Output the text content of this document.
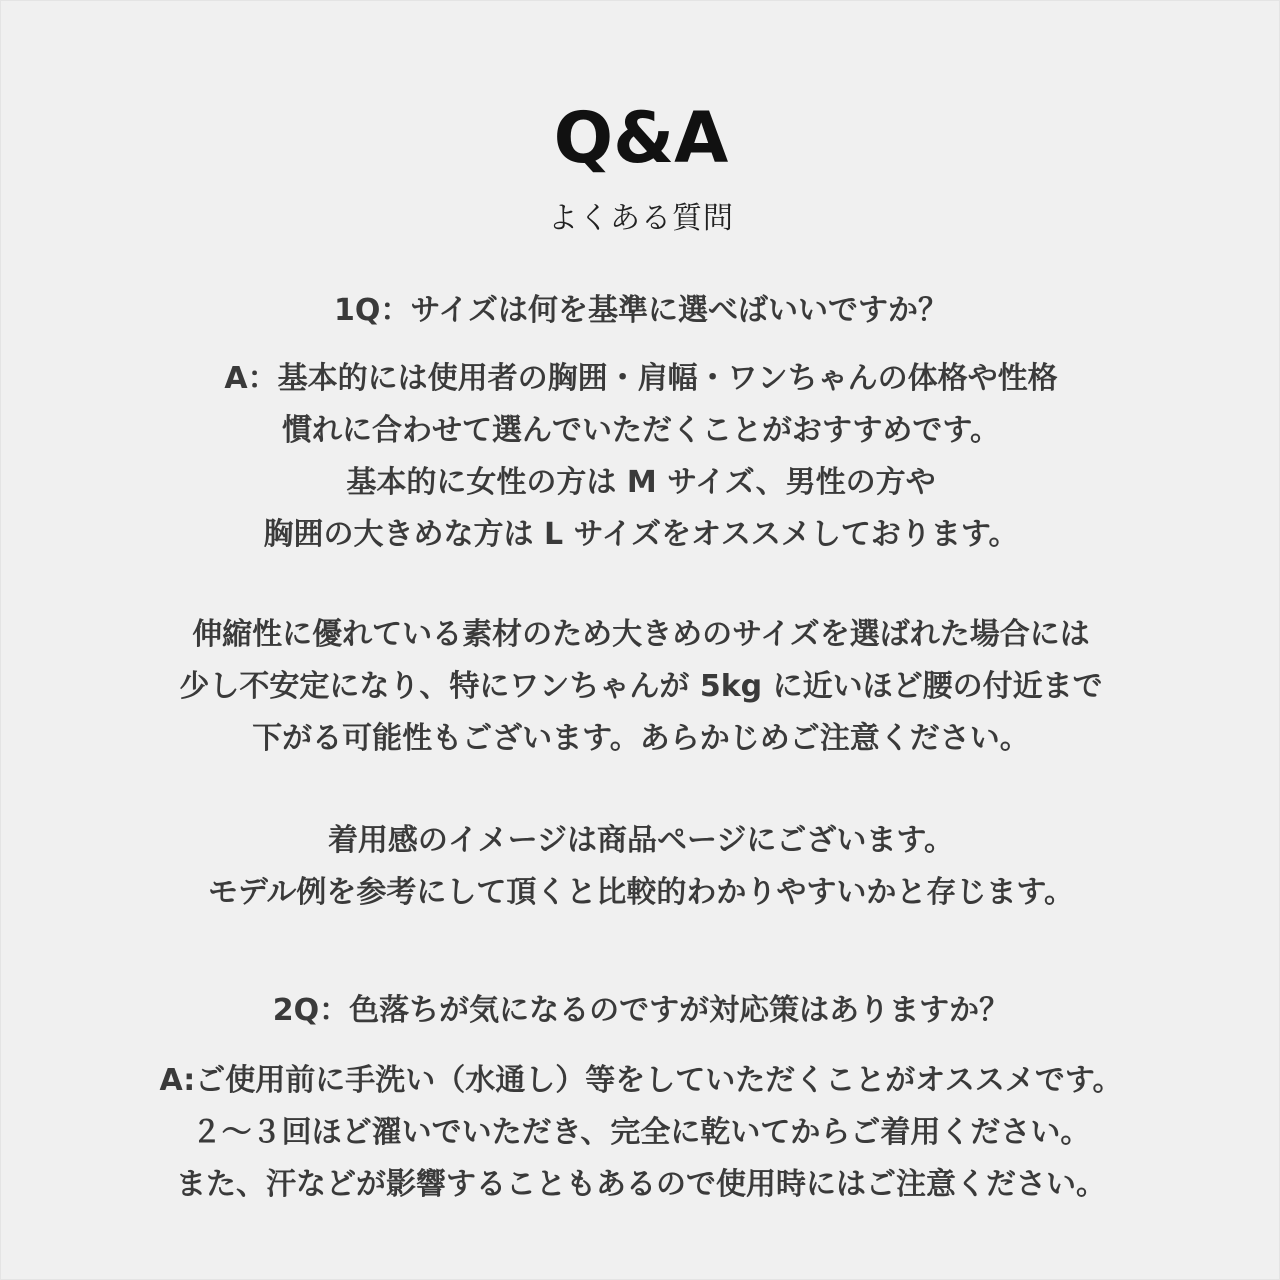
Q&A
よくある質問
1Q：サイズは何を基準に選べばいいですか？
A：基本的には使用者の胸囲・肩幅・ワンちゃんの体格や性格
慣れに合わせて選んでいただくことがおすすめです。
基本的に女性の方は M サイズ、男性の方や
胸囲の大きめな方は L サイズをオススメしております。
伸縮性に優れている素材のため大きめのサイズを選ばれた場合には
少し不安定になり、特にワンちゃんが 5kg に近いほど腰の付近まで
下がる可能性もございます。あらかじめご注意ください。
着用感のイメージは商品ページにございます。
モデル例を参考にして頂くと比較的わかりやすいかと存じます。
2Q：色落ちが気になるのですが対応策はありますか？
A:ご使用前に手洗い（水通し）等をしていただくことがオススメです。
２～３回ほど濯いでいただき、完全に乾いてからご着用ください。
また、汗などが影響することもあるので使用時にはご注意ください。
